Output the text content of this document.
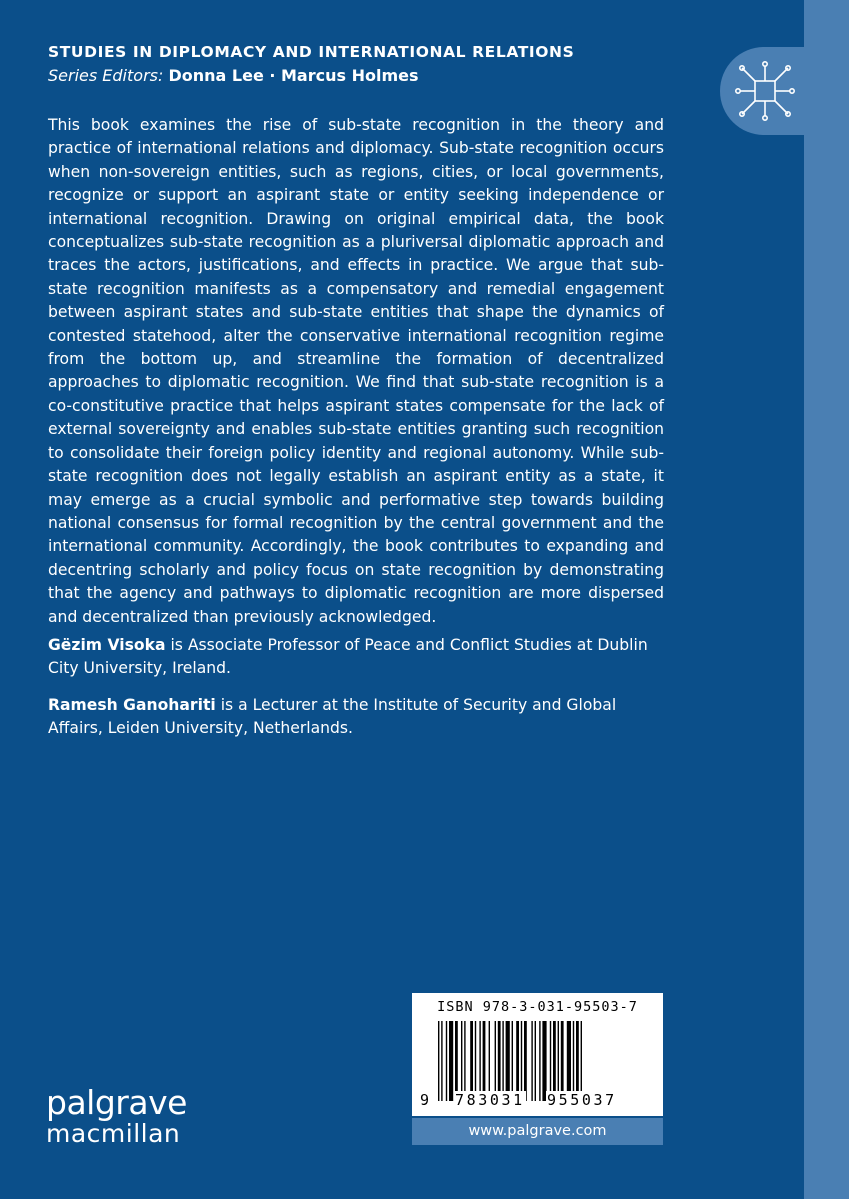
STUDIES IN DIPLOMACY AND INTERNATIONAL RELATIONS
Series Editors: Donna Lee · Marcus Holmes
This book examines the rise of sub-state recognition in the theory and practice of international relations and diplomacy. Sub-state recognition occurs when non-sovereign entities, such as regions, cities, or local governments, recognize or support an aspirant state or entity seeking independence or international recognition. Drawing on original empirical data, the book conceptualizes sub-state recognition as a pluriversal diplomatic approach and traces the actors, justifications, and effects in practice. We argue that sub-state recognition manifests as a compensatory and remedial engagement between aspirant states and sub-state entities that shape the dynamics of contested statehood, alter the conservative international recognition regime from the bottom up, and streamline the formation of decentralized approaches to diplomatic recognition. We find that sub-state recognition is a co-constitutive practice that helps aspirant states compensate for the lack of external sovereignty and enables sub-state entities granting such recognition to consolidate their foreign policy identity and regional autonomy. While sub-state recognition does not legally establish an aspirant entity as a state, it may emerge as a crucial symbolic and performative step towards building national consensus for formal recognition by the central government and the international community. Accordingly, the book contributes to expanding and decentring scholarly and policy focus on state recognition by demonstrating that the agency and pathways to diplomatic recognition are more dispersed and decentralized than previously acknowledged.
Gëzim Visoka is Associate Professor of Peace and Conflict Studies at Dublin City University, Ireland.
Ramesh Ganohariti is a Lecturer at the Institute of Security and Global Affairs, Leiden University, Netherlands.
ISBN 978-3-031-95503-7
9 783031 955037
www.palgrave.com
palgrave
macmillan
